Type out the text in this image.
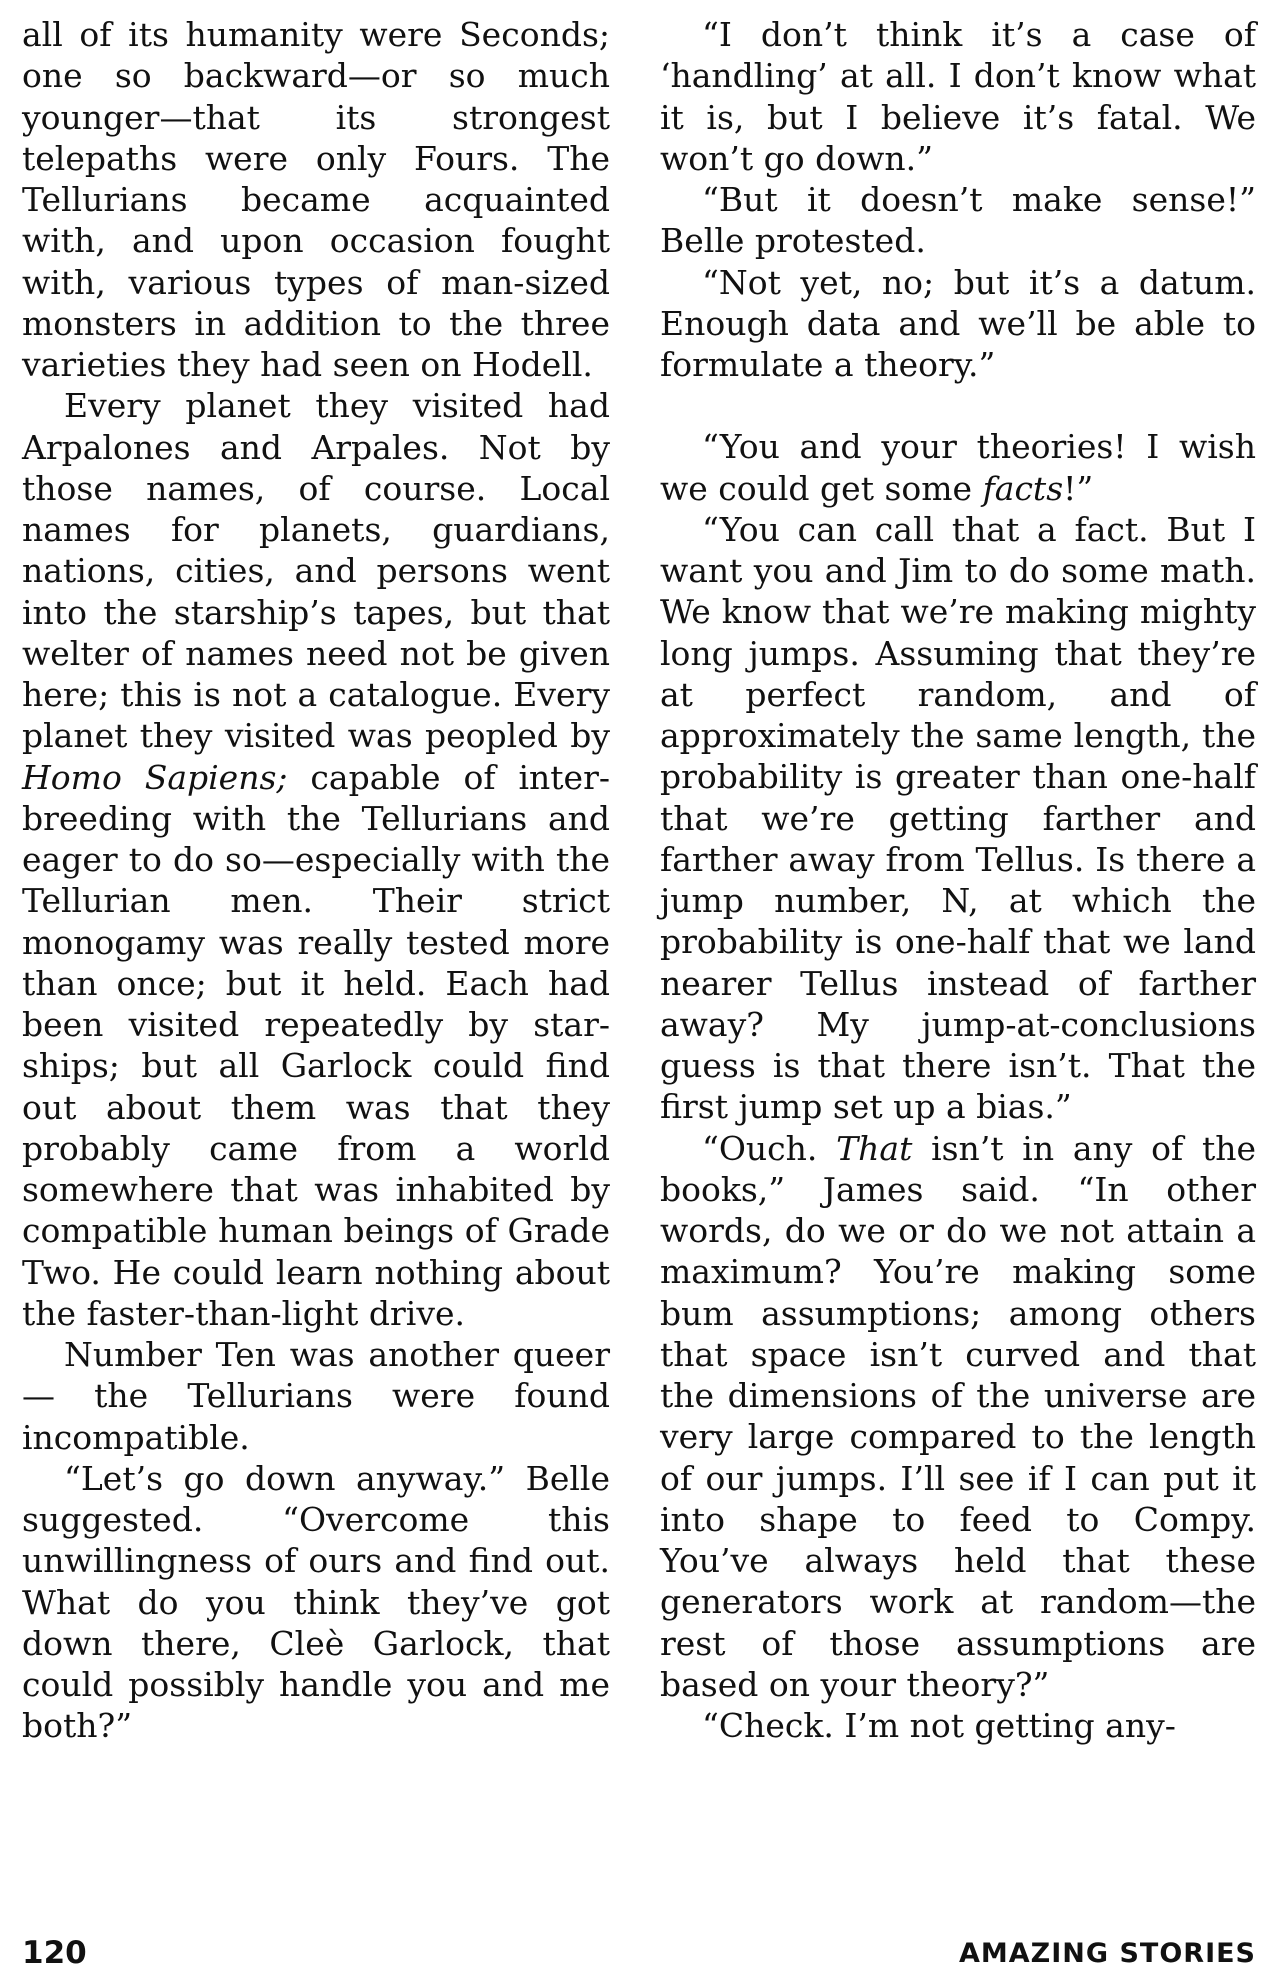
all of its humanity were Seconds; one so backward—or so much younger—that its strongest telepaths were only Fours. The Tellurians became acquainted with, and upon occasion fought with, various types of man-sized monsters in addition to the three varieties they had seen on Hodell.

Every planet they visited had Arpalones and Arpales. Not by those names, of course. Local names for planets, guardians, nations, cities, and persons went into the starship’s tapes, but that welter of names need not be given here; this is not a catalogue. Every planet they visited was peopled by Homo Sapiens; capable of inter-breeding with the Tellurians and eager to do so—especially with the Tellurian men. Their strict monogamy was really tested more than once; but it held. Each had been visited repeatedly by star-ships; but all Garlock could find out about them was that they probably came from a world somewhere that was inhabited by compatible human beings of Grade Two. He could learn nothing about the faster-than-light drive.

Number Ten was another queer — the Tellurians were found incompatible.

“Let’s go down anyway.” Belle suggested. “Overcome this unwillingness of ours and find out. What do you think they’ve got down there, Cleè Garlock, that could possibly handle you and me both?”

“I don’t think it’s a case of ‘handling’ at all. I don’t know what it is, but I believe it’s fatal. We won’t go down.”

“But it doesn’t make sense!” Belle protested.

“Not yet, no; but it’s a datum. Enough data and we’ll be able to formulate a theory.”

“You and your theories! I wish we could get some facts!”

“You can call that a fact. But I want you and Jim to do some math. We know that we’re making mighty long jumps. Assuming that they’re at perfect random, and of approximately the same length, the probability is greater than one-half that we’re getting farther and farther away from Tellus. Is there a jump number, N, at which the probability is one-half that we land nearer Tellus instead of farther away? My jump-at-conclusions guess is that there isn’t. That the first jump set up a bias.”

“Ouch. That isn’t in any of the books,” James said. “In other words, do we or do we not attain a maximum? You’re making some bum assumptions; among others that space isn’t curved and that the dimensions of the universe are very large compared to the length of our jumps. I’ll see if I can put it into shape to feed to Compy. You’ve always held that these generators work at random—the rest of those assumptions are based on your theory?”

“Check. I’m not getting any-

120	AMAZING STORIES
